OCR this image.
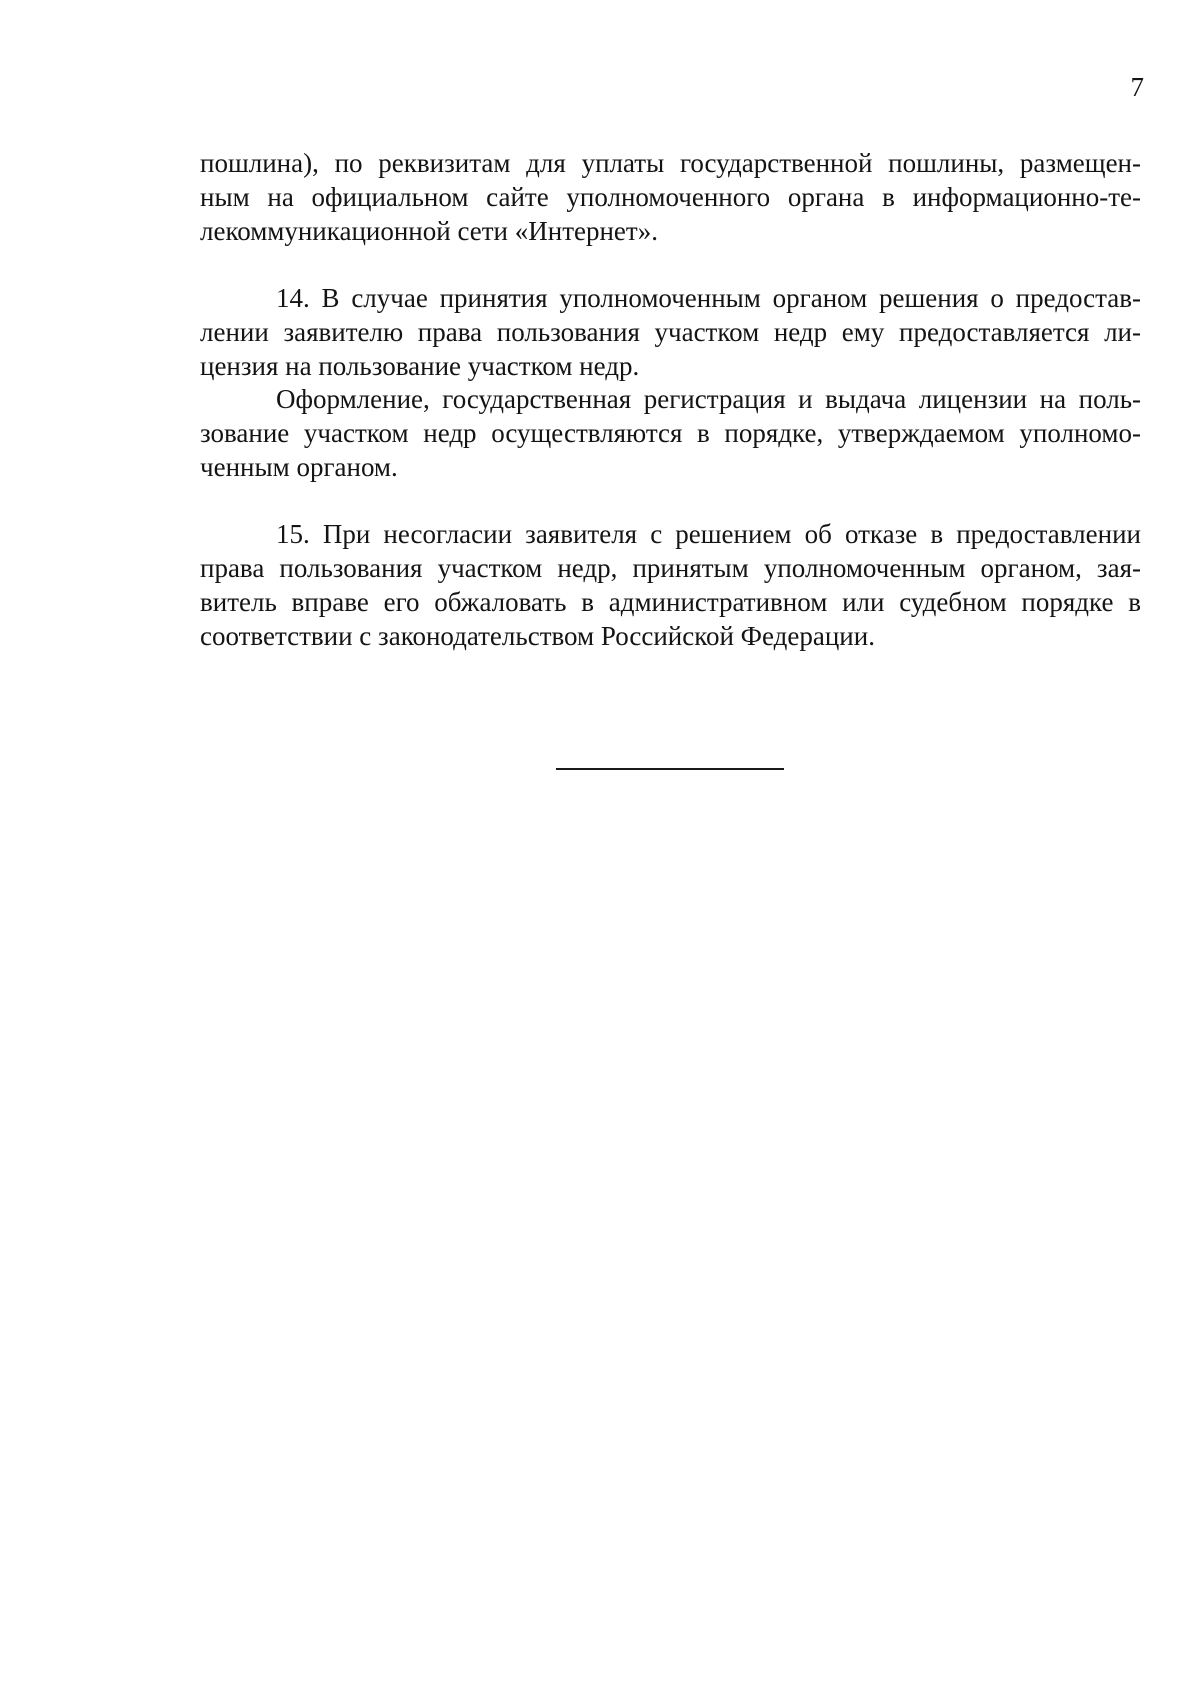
7
пошлина), по реквизитам для уплаты государственной пошлины, размещен-
ным на официальном сайте уполномоченного органа в информационно-те-
лекоммуникационной сети «Интернет».
14. В случае принятия уполномоченным органом решения о предостав-
лении заявителю права пользования участком недр ему предоставляется ли-
цензия на пользование участком недр.
Оформление, государственная регистрация и выдача лицензии на поль-
зование участком недр осуществляются в порядке, утверждаемом уполномо-
ченным органом.
15. При несогласии заявителя с решением об отказе в предоставлении
права пользования участком недр, принятым уполномоченным органом, зая-
витель вправе его обжаловать в административном или судебном порядке в
соответствии с законодательством Российской Федерации.
